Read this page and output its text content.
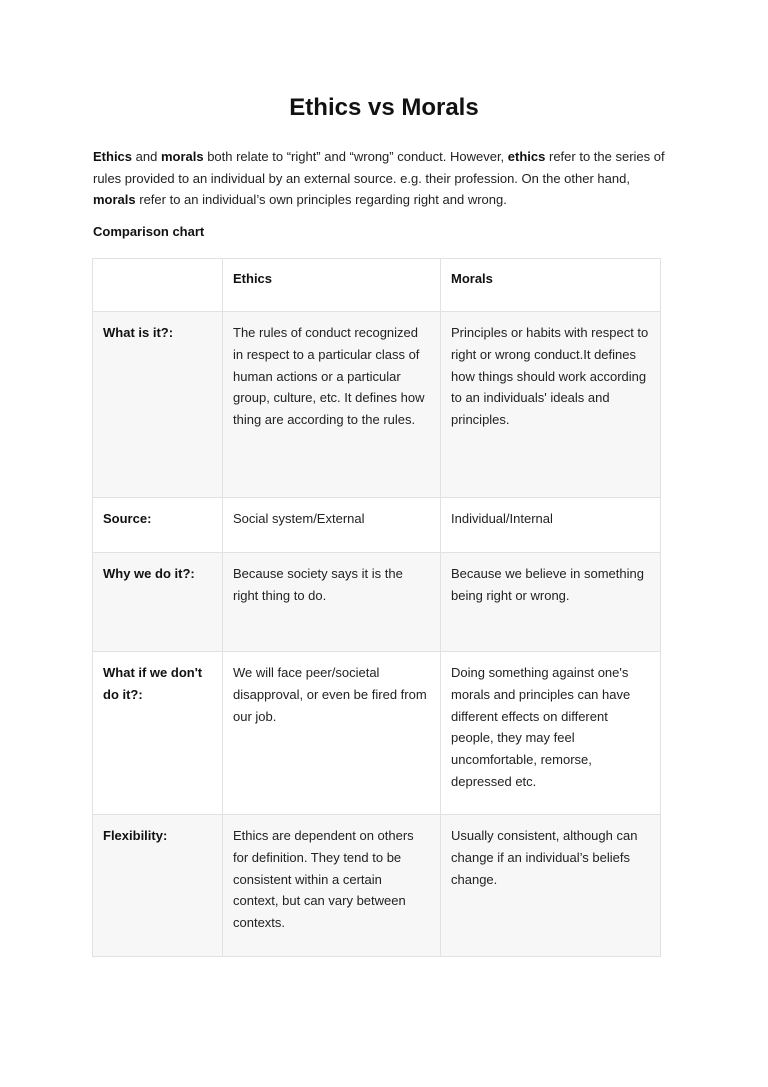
Ethics vs Morals

Ethics and morals both relate to “right” and “wrong” conduct. However, ethics refer to the series of rules provided to an individual by an external source. e.g. their profession. On the other hand, morals refer to an individual’s own principles regarding right and wrong.

Comparison chart

	Ethics	Morals
What is it?:	The rules of conduct recognized in respect to a particular class of human actions or a particular group, culture, etc. It defines how thing are according to the rules.	Principles or habits with respect to right or wrong conduct.It defines how things should work according to an individuals' ideals and principles.
Source:	Social system/External	Individual/Internal
Why we do it?:	Because society says it is the right thing to do.	Because we believe in something being right or wrong.
What if we don't do it?:	We will face peer/societal disapproval, or even be fired from our job.	Doing something against one's morals and principles can have different effects on different people, they may feel uncomfortable, remorse, depressed etc.
Flexibility:	Ethics are dependent on others for definition. They tend to be consistent within a certain context, but can vary between contexts.	Usually consistent, although can change if an individual’s beliefs change.
